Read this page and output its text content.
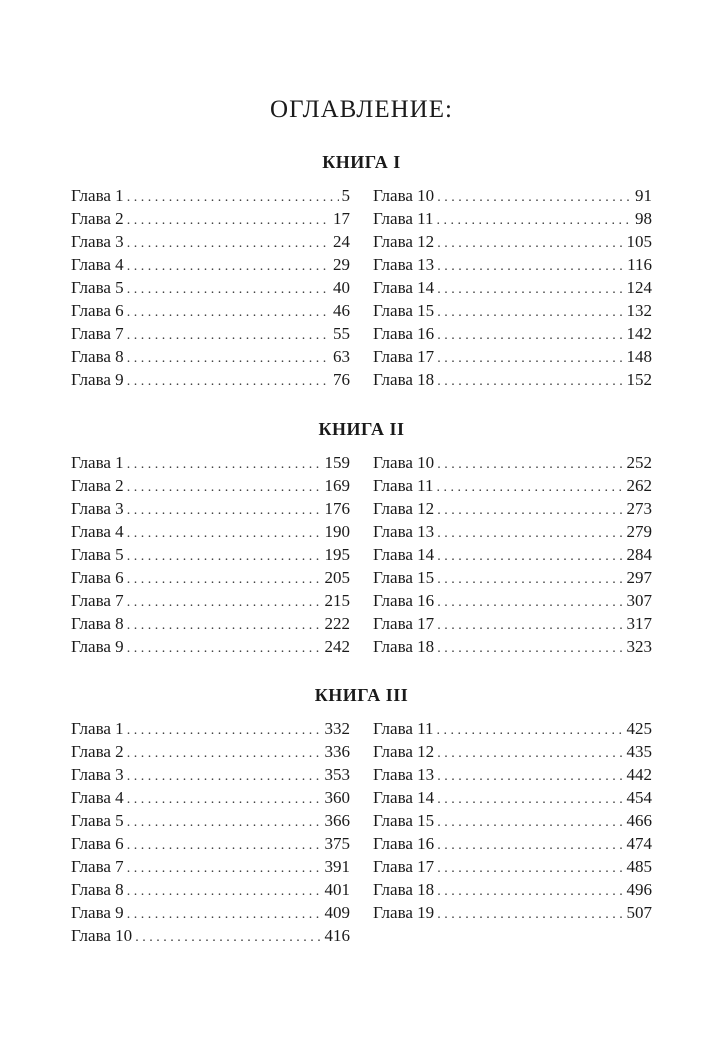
ОГЛАВЛЕНИЕ:
КНИГА I
Глава 1 . . .	5
Глава 2 . . .	17
Глава 3 . . .	24
Глава 4 . . .	29
Глава 5 . . .	40
Глава 6 . . .	46
Глава 7 . . .	55
Глава 8 . . .	63
Глава 9 . . .	76
Глава 10 . . .	91
Глава 11 . . .	98
Глава 12 . . .	105
Глава 13 . . .	116
Глава 14 . . .	124
Глава 15 . . .	132
Глава 16 . . .	142
Глава 17 . . .	148
Глава 18 . . .	152
КНИГА II
Глава 1 . . .	159
Глава 2 . . .	169
Глава 3 . . .	176
Глава 4 . . .	190
Глава 5 . . .	195
Глава 6 . . .	205
Глава 7 . . .	215
Глава 8 . . .	222
Глава 9 . . .	242
Глава 10 . . .	252
Глава 11 . . .	262
Глава 12 . . .	273
Глава 13 . . .	279
Глава 14 . . .	284
Глава 15 . . .	297
Глава 16 . . .	307
Глава 17 . . .	317
Глава 18 . . .	323
КНИГА III
Глава 1 . . .	332
Глава 2 . . .	336
Глава 3 . . .	353
Глава 4 . . .	360
Глава 5 . . .	366
Глава 6 . . .	375
Глава 7 . . .	391
Глава 8 . . .	401
Глава 9 . . .	409
Глава 10 . . .	416
Глава 11 . . .	425
Глава 12 . . .	435
Глава 13 . . .	442
Глава 14 . . .	454
Глава 15 . . .	466
Глава 16 . . .	474
Глава 17 . . .	485
Глава 18 . . .	496
Глава 19 . . .	507
